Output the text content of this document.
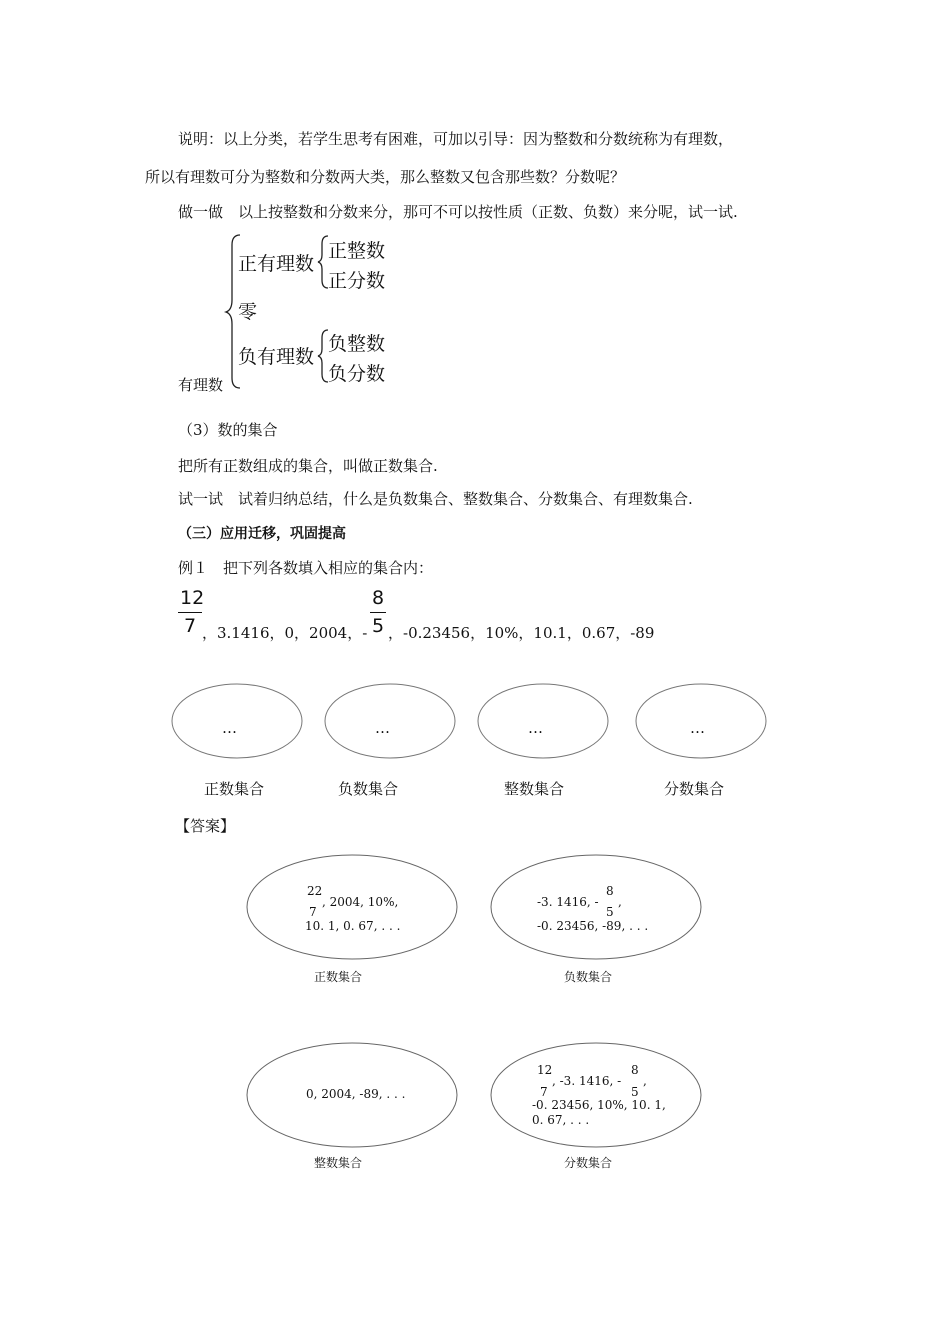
说明：以上分类，若学生思考有困难，可加以引导：因为整数和分数统称为有理数，
所以有理数可分为整数和分数两大类，那么整数又包含那些数？分数呢？
做一做　以上按整数和分数来分，那可不可以按性质（正数、负数）来分呢，试一试.
正有理数
正整数
正分数
零
负有理数
负整数
负分数
有理数
（3）数的集合
把所有正数组成的集合，叫做正数集合.
试一试　试着归纳总结，什么是负数集合、整数集合、分数集合、有理数集合.
（三）应用迁移，巩固提高
例１　把下列各数填入相应的集合内：
12
7 ，3.1416，0，2004，-
8
5 ，-0.23456，10%，10.1，0.67，-89
…	…	…	…
正数集合	负数集合	整数集合	分数集合
【答案】
22
7
, 2004, 10%,
10. 1, 0. 67, . . .
正数集合
-3. 1416, -
8
5
,
-0. 23456, -89, . . .
负数集合
0, 2004, -89, . . .
整数集合
12
7
, -3. 1416, -
8
5
,
-0. 23456, 10%, 10. 1,
0. 67, . . .
分数集合
